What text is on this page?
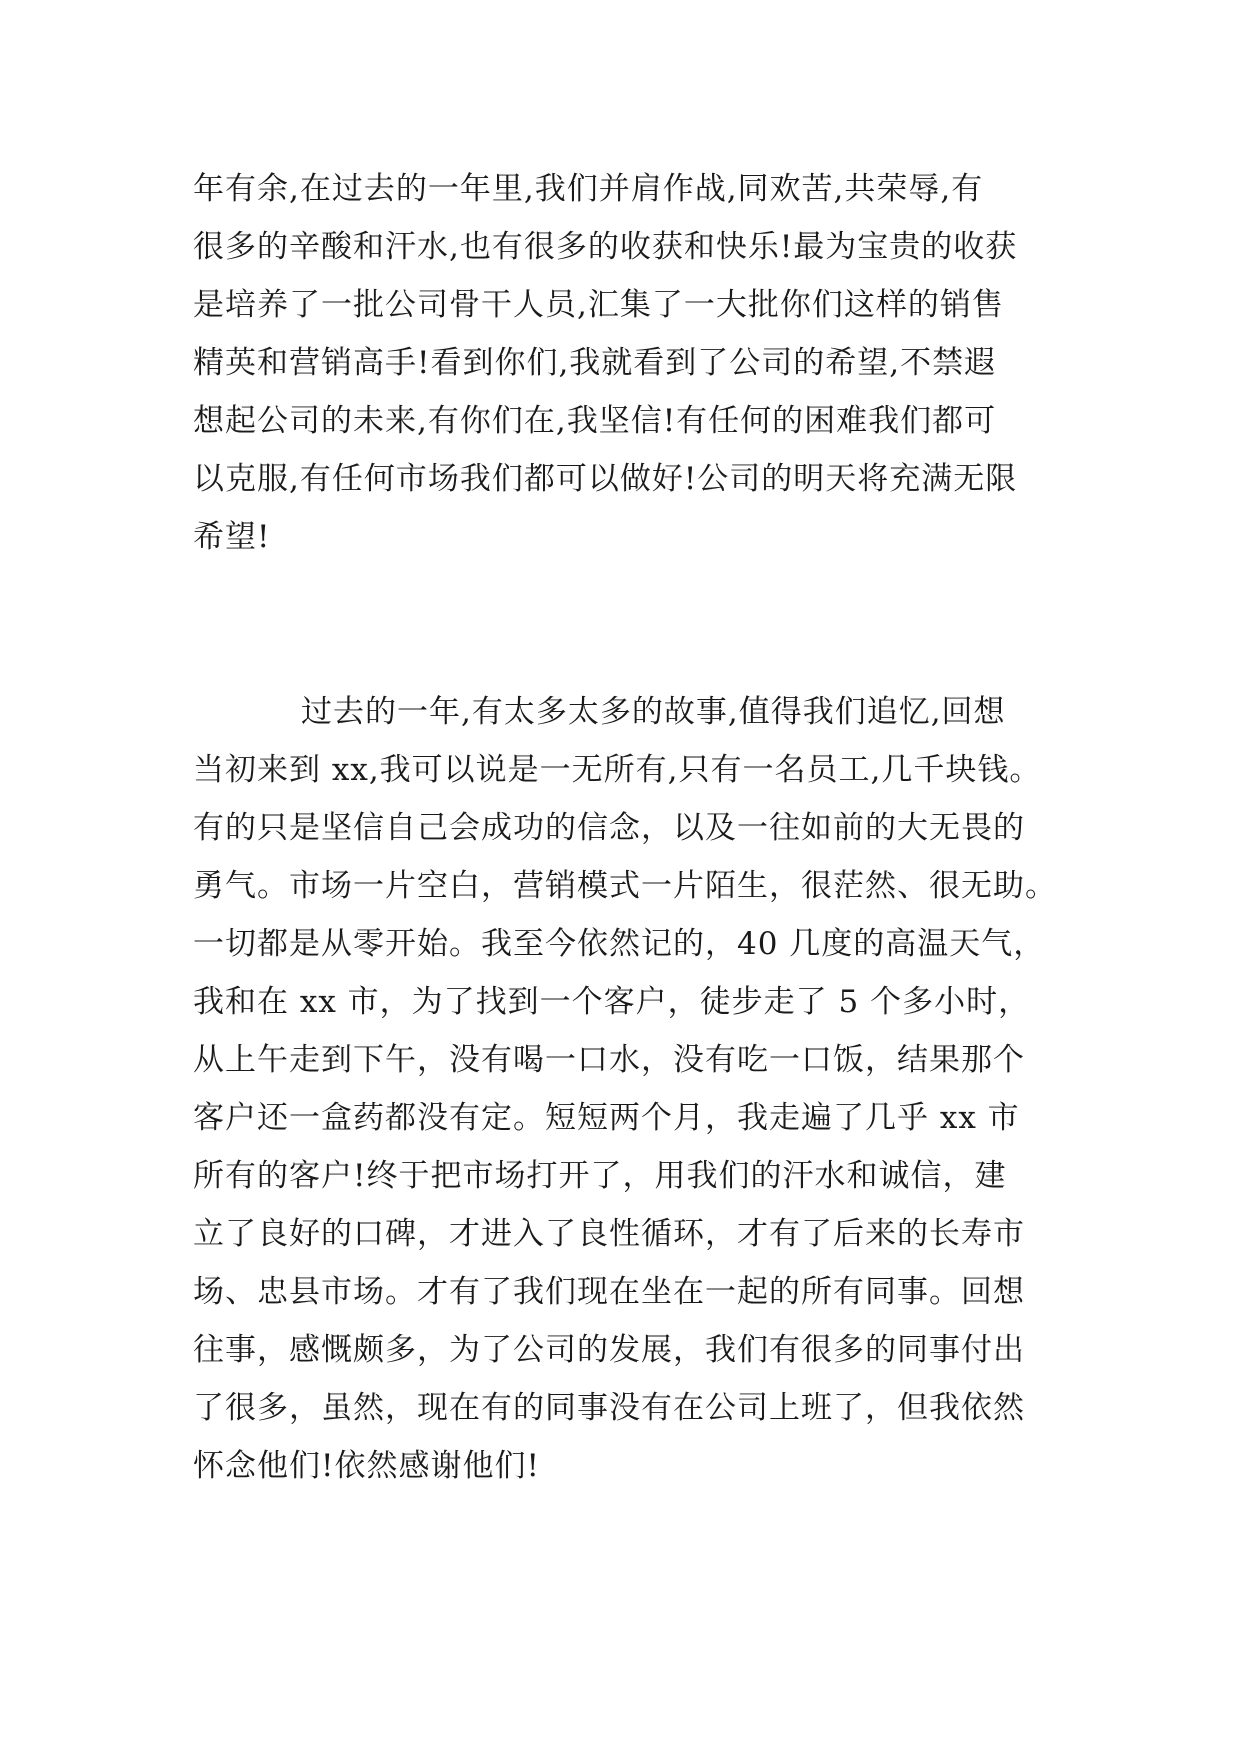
年有余,在过去的一年里,我们并肩作战,同欢苦,共荣辱,有
很多的辛酸和汗水,也有很多的收获和快乐!最为宝贵的收获
是培养了一批公司骨干人员,汇集了一大批你们这样的销售
精英和营销高手!看到你们,我就看到了公司的希望,不禁遐
想起公司的未来,有你们在,我坚信!有任何的困难我们都可
以克服,有任何市场我们都可以做好!公司的明天将充满无限
希望!
过去的一年,有太多太多的故事,值得我们追忆,回想
当初来到 xx,我可以说是一无所有,只有一名员工,几千块钱。
有的只是坚信自己会成功的信念，以及一往如前的大无畏的
勇气。市场一片空白，营销模式一片陌生，很茫然、很无助。
一切都是从零开始。我至今依然记的，40 几度的高温天气，
我和在 xx 市，为了找到一个客户，徒步走了 5 个多小时，
从上午走到下午，没有喝一口水，没有吃一口饭，结果那个
客户还一盒药都没有定。短短两个月，我走遍了几乎 xx 市
所有的客户!终于把市场打开了，用我们的汗水和诚信，建
立了良好的口碑，才进入了良性循环，才有了后来的长寿市
场、忠县市场。才有了我们现在坐在一起的所有同事。回想
往事，感慨颇多，为了公司的发展，我们有很多的同事付出
了很多，虽然，现在有的同事没有在公司上班了，但我依然
怀念他们!依然感谢他们!
